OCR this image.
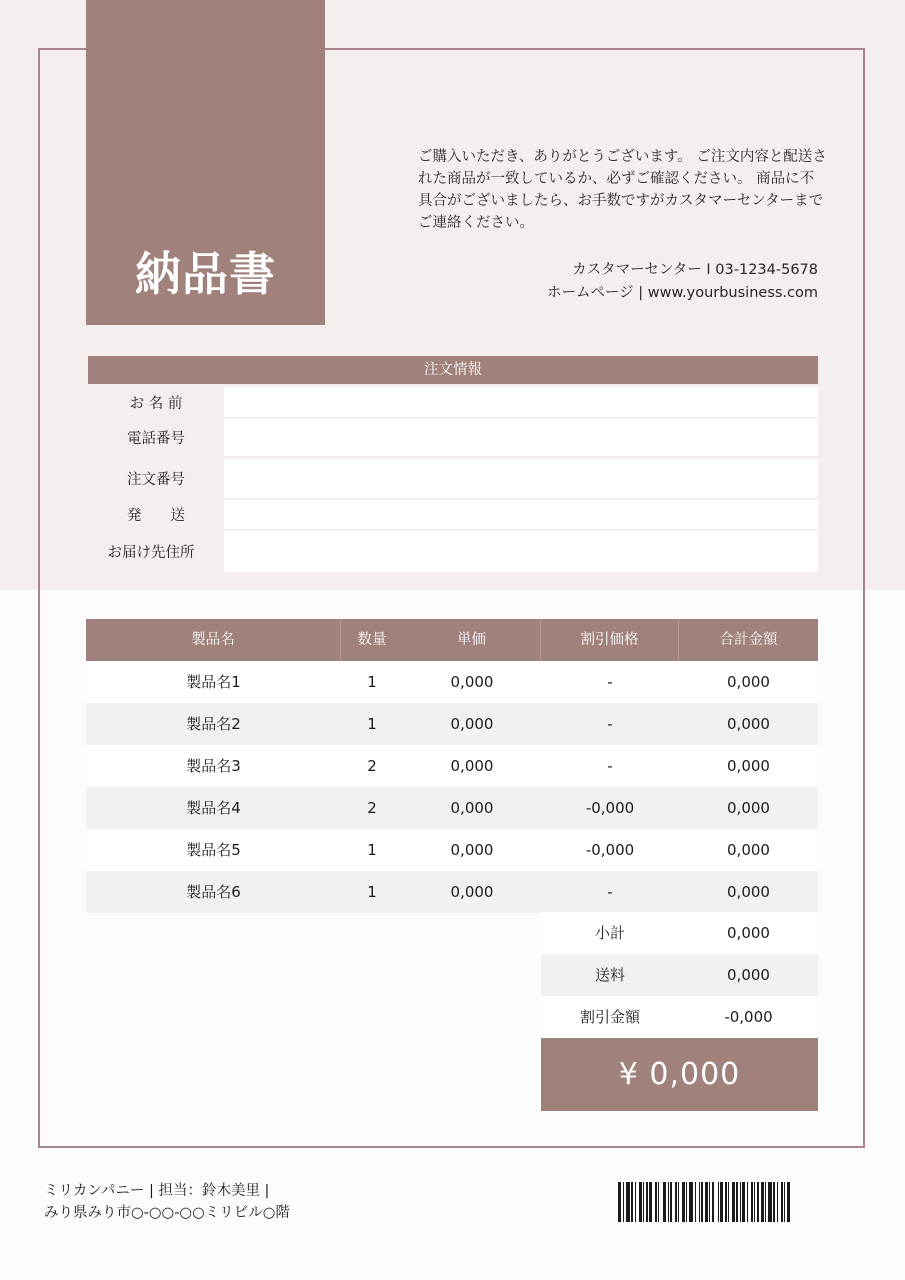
納品書

ご購入いただき、ありがとうございます。 ご注文内容と配送された商品が一致しているか、必ずご確認ください。 商品に不具合がございましたら、お手数ですがカスタマーセンターまでご連絡ください。

カスタマーセンター I 03-1234-5678
ホームページ | www.yourbusiness.com
注文情報
お 名 前
電話番号
注文番号
発　　送
お届け先住所
製品名	数量	単価	割引価格	合計金額
製品名1	1	0,000	-	0,000
製品名2	1	0,000	-	0,000
製品名3	2	0,000	-	0,000
製品名4	2	0,000	-0,000	0,000
製品名5	1	0,000	-0,000	0,000
製品名6	1	0,000	-	0,000
小計	0,000
送料	0,000
割引金額	-0,000
¥ 0,000
ミリカンパニー | 担当：鈴木美里 |
みり県みり市○-○○-○○ミリビル○階
